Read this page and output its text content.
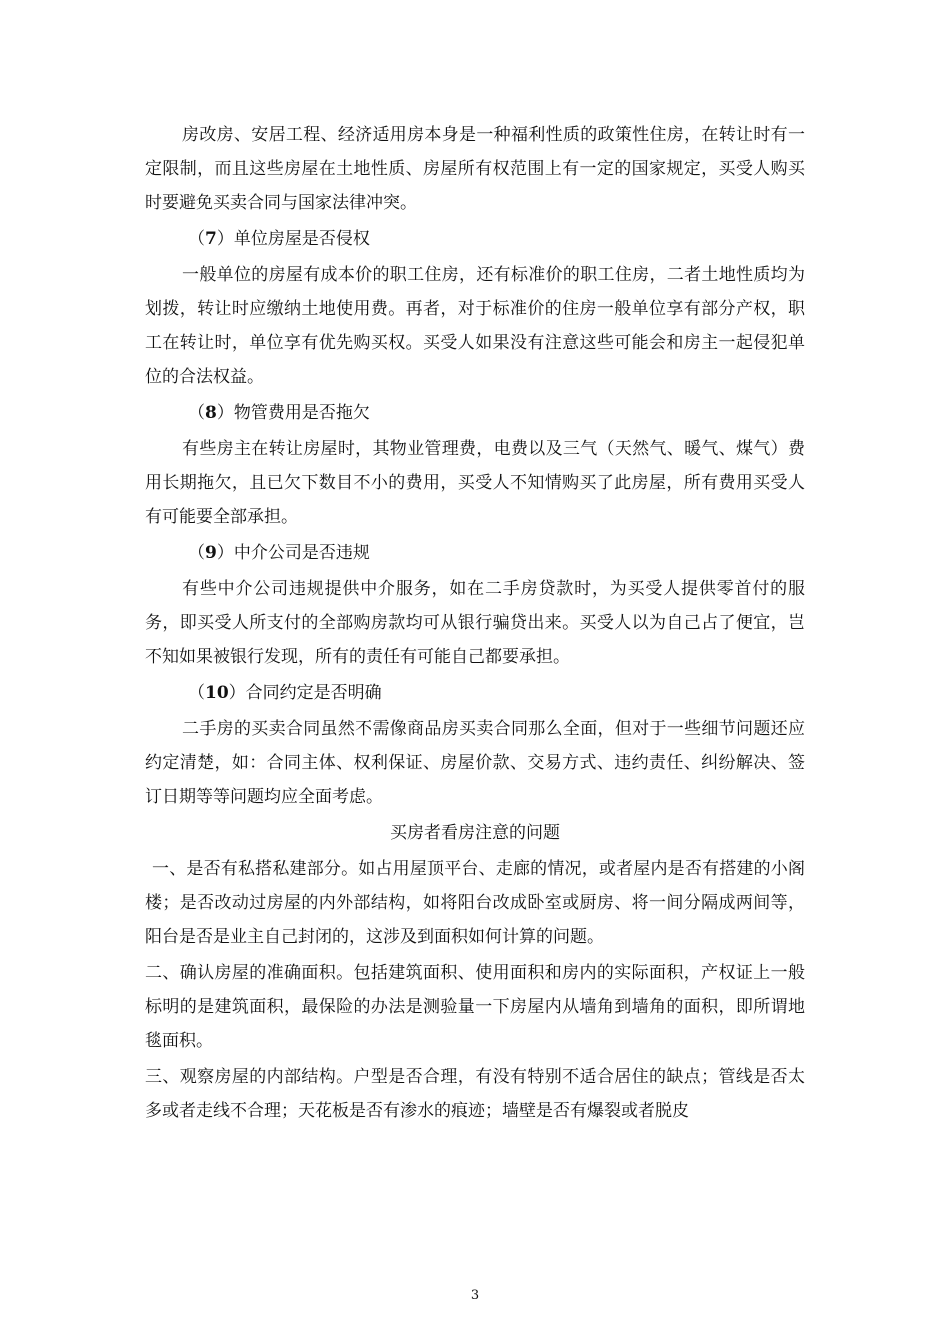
房改房、安居工程、经济适用房本身是一种福利性质的政策性住房，在转让时有一定限制，而且这些房屋在土地性质、房屋所有权范围上有一定的国家规定，买受人购买时要避免买卖合同与国家法律冲突。

（7）单位房屋是否侵权

一般单位的房屋有成本价的职工住房，还有标准价的职工住房，二者土地性质均为划拨，转让时应缴纳土地使用费。再者，对于标准价的住房一般单位享有部分产权，职工在转让时，单位享有优先购买权。买受人如果没有注意这些可能会和房主一起侵犯单位的合法权益。

（8）物管费用是否拖欠

有些房主在转让房屋时，其物业管理费，电费以及三气（天然气、暖气、煤气）费用长期拖欠，且已欠下数目不小的费用，买受人不知情购买了此房屋，所有费用买受人有可能要全部承担。

（9）中介公司是否违规

有些中介公司违规提供中介服务，如在二手房贷款时，为买受人提供零首付的服务，即买受人所支付的全部购房款均可从银行骗贷出来。买受人以为自己占了便宜，岂不知如果被银行发现，所有的责任有可能自己都要承担。

（10）合同约定是否明确

二手房的买卖合同虽然不需像商品房买卖合同那么全面，但对于一些细节问题还应约定清楚，如：合同主体、权利保证、房屋价款、交易方式、违约责任、纠纷解决、签订日期等等问题均应全面考虑。

买房者看房注意的问题

一、是否有私搭私建部分。如占用屋顶平台、走廊的情况，或者屋内是否有搭建的小阁楼；是否改动过房屋的内外部结构，如将阳台改成卧室或厨房、将一间分隔成两间等，阳台是否是业主自己封闭的，这涉及到面积如何计算的问题。

二、确认房屋的准确面积。包括建筑面积、使用面积和房内的实际面积，产权证上一般标明的是建筑面积，最保险的办法是测验量一下房屋内从墙角到墙角的面积，即所谓地毯面积。

三、观察房屋的内部结构。户型是否合理，有没有特别不适合居住的缺点；管线是否太多或者走线不合理；天花板是否有渗水的痕迹；墙壁是否有爆裂或者脱皮

3
